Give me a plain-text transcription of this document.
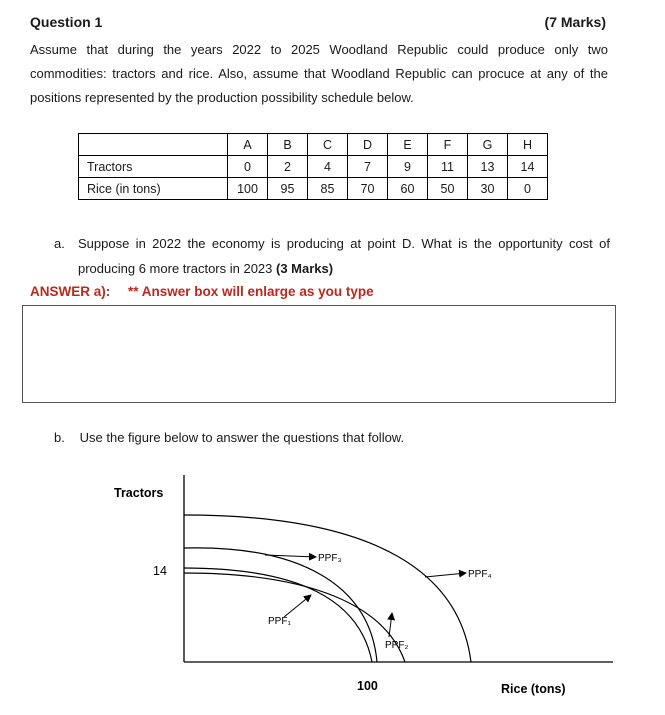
Question 1	(7 Marks)
Assume that during the years 2022 to 2025 Woodland Republic could produce only two
commodities: tractors and rice. Also, assume that Woodland Republic can procuce at any of the
positions represented by the production possibility schedule below.
	A	B	C	D	E	F	G	H
Tractors	0	2	4	7	9	11	13	14
Rice (in tons)	100	95	85	70	60	50	30	0
a. Suppose in 2022 the economy is producing at point D. What is the opportunity cost of
producing 6 more tractors in 2023 (3 Marks)
ANSWER a): ** Answer box will enlarge as you type
b. Use the figure below to answer the questions that follow.
Tractors
14
100	Rice (tons)
PPF₁
PPF₂
PPF₃
PPF₄
